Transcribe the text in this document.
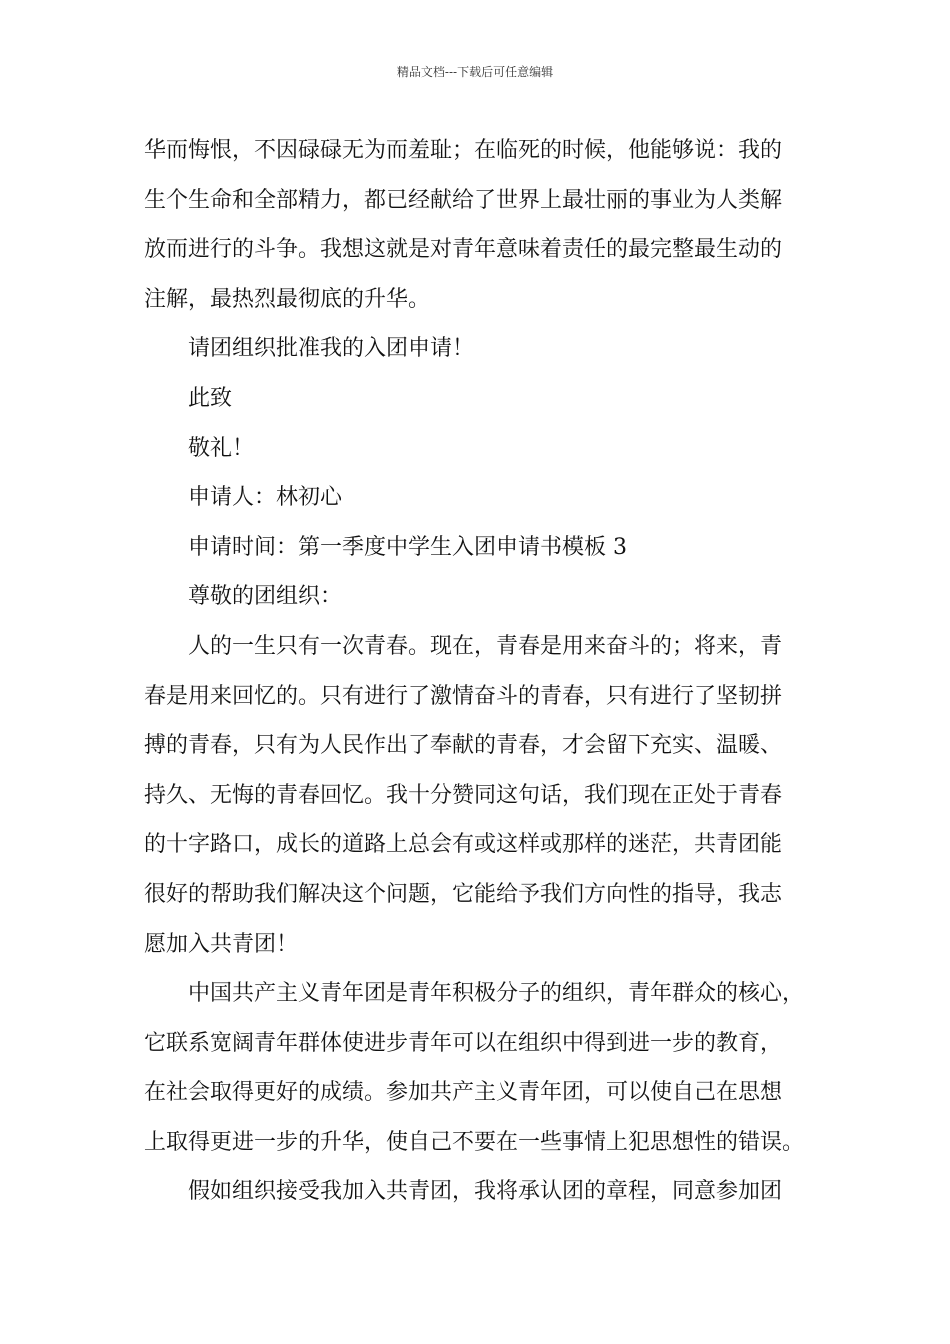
精品文档---下载后可任意编辑
华而悔恨，不因碌碌无为而羞耻；在临死的时候，他能够说：我的
生个生命和全部精力，都已经献给了世界上最壮丽的事业为人类解
放而进行的斗争。我想这就是对青年意味着责任的最完整最生动的
注解，最热烈最彻底的升华。
请团组织批准我的入团申请！
此致
敬礼！
申请人：林初心
申请时间：第一季度中学生入团申请书模板 3
尊敬的团组织：
人的一生只有一次青春。现在，青春是用来奋斗的；将来，青
春是用来回忆的。只有进行了激情奋斗的青春，只有进行了坚韧拼
搏的青春，只有为人民作出了奉献的青春，才会留下充实、温暖、
持久、无悔的青春回忆。我十分赞同这句话，我们现在正处于青春
的十字路口，成长的道路上总会有或这样或那样的迷茫，共青团能
很好的帮助我们解决这个问题，它能给予我们方向性的指导，我志
愿加入共青团！
中国共产主义青年团是青年积极分子的组织，青年群众的核心，
它联系宽阔青年群体使进步青年可以在组织中得到进一步的教育，
在社会取得更好的成绩。参加共产主义青年团，可以使自己在思想
上取得更进一步的升华，使自己不要在一些事情上犯思想性的错误。
假如组织接受我加入共青团，我将承认团的章程，同意参加团
